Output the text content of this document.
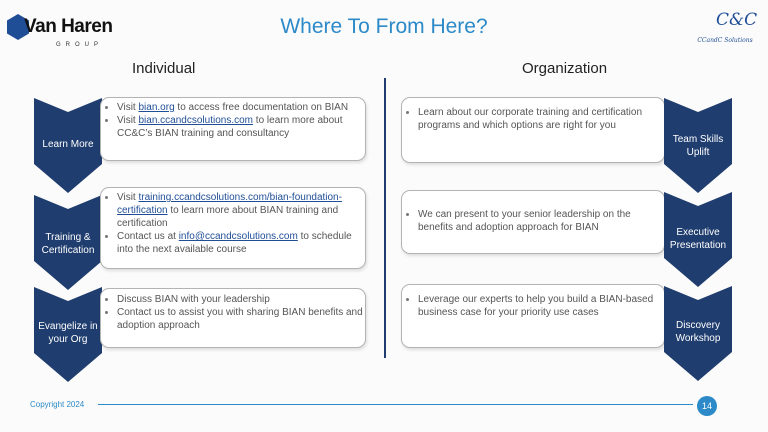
Van Haren
GROUP
Where To From Here?	C&C
CCandC Solutions
Individual	Organization
Learn More
Training &
Certification
Evangelize in
your Org
• Visit bian.org to access free documentation on BIAN
• Visit bian.ccandcsolutions.com to learn more about CC&C’s BIAN training and consultancy
• Visit training.ccandcsolutions.com/bian-foundation-certification to learn more about BIAN training and certification
• Contact us at info@ccandcsolutions.com to schedule into the next available course
• Discuss BIAN with your leadership
• Contact us to assist you with sharing BIAN benefits and adoption approach
• Learn about our corporate training and certification programs and which options are right for you
• We can present to your senior leadership on the benefits and adoption approach for BIAN
• Leverage our experts to help you build a BIAN-based business case for your priority use cases
Team Skills
Uplift
Executive
Presentation
Discovery
Workshop
Copyright 2024	14
